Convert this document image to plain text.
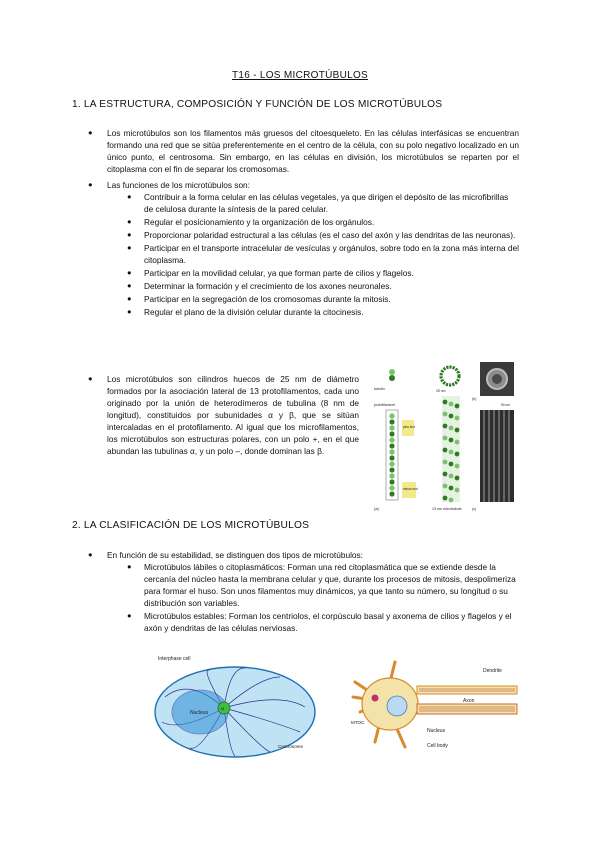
T16 - LOS MICROTÚBULOS
1. LA ESTRUCTURA, COMPOSICIÓN Y FUNCIÓN DE LOS MICROTÚBULOS
● Los microtúbulos son los filamentos más gruesos del citoesqueleto. En las células interfásicas se encuentran formando una red que se sitúa preferentemente en el centro de la célula, con su polo negativo localizado en un único punto, el centrosoma. Sin embargo, en las células en división, los microtúbulos se reparten por el citoplasma con el fin de separar los cromosomas.
● Las funciones de los microtúbulos son:
● Contribuir a la forma celular en las células vegetales, ya que dirigen el depósito de las microfibrillas de celulosa durante la síntesis de la pared celular.
● Regular el posicionamiento y la organización de los orgánulos.
● Proporcionar polaridad estructural a las células (es el caso del axón y las dendritas de las neuronas).
● Participar en el transporte intracelular de vesículas y orgánulos, sobre todo en la zona más interna del citoplasma.
● Participar en la movilidad celular, ya que forman parte de cilios y flagelos.
● Determinar la formación y el crecimiento de los axones neuronales.
● Participar en la segregación de los cromosomas durante la mitosis.
● Regular el plano de la división celular durante la citocinesis.
● Los microtúbulos son cilindros huecos de 25 nm de diámetro formados por la asociación lateral de 13 protofilamentos, cada uno originado por la unión de heterodímeros de tubulina (8 nm de longitud), constituidos por subunidades α y β, que se sitúan intercaladas en el protofilamento. Al igual que los microfilamentos, los microtúbulos son estructuras polares, con un polo +, en el que abundan las tubulinas α, y un polo –, donde dominan las β.
tubulin
protofilament
plus end
minus end
(a)
25 nm
13 nm microtubule
(b)
50 nm
(c)
2. LA CLASIFICACIÓN DE LOS MICROTÚBULOS
● En función de su estabilidad, se distinguen dos tipos de microtúbulos:
● Microtúbulos lábiles o citoplasmáticos: Forman una red citoplasmática que se extiende desde la cercanía del núcleo hasta la membrana celular y que, durante los procesos de mitosis, despolimeriza para formar el huso. Son unos filamentos muy dinámicos, ya que tanto su número, su longitud o su distribución son variables.
● Microtúbulos estables: Forman los centriolos, el corpúsculo basal y axonema de cilios y flagelos y el axón y dendritas de las células nerviosas.
Interphase cell
Nucleus
M
Centrosome
Dendrite
Axon
Nucleus
Cell body
MTOC
